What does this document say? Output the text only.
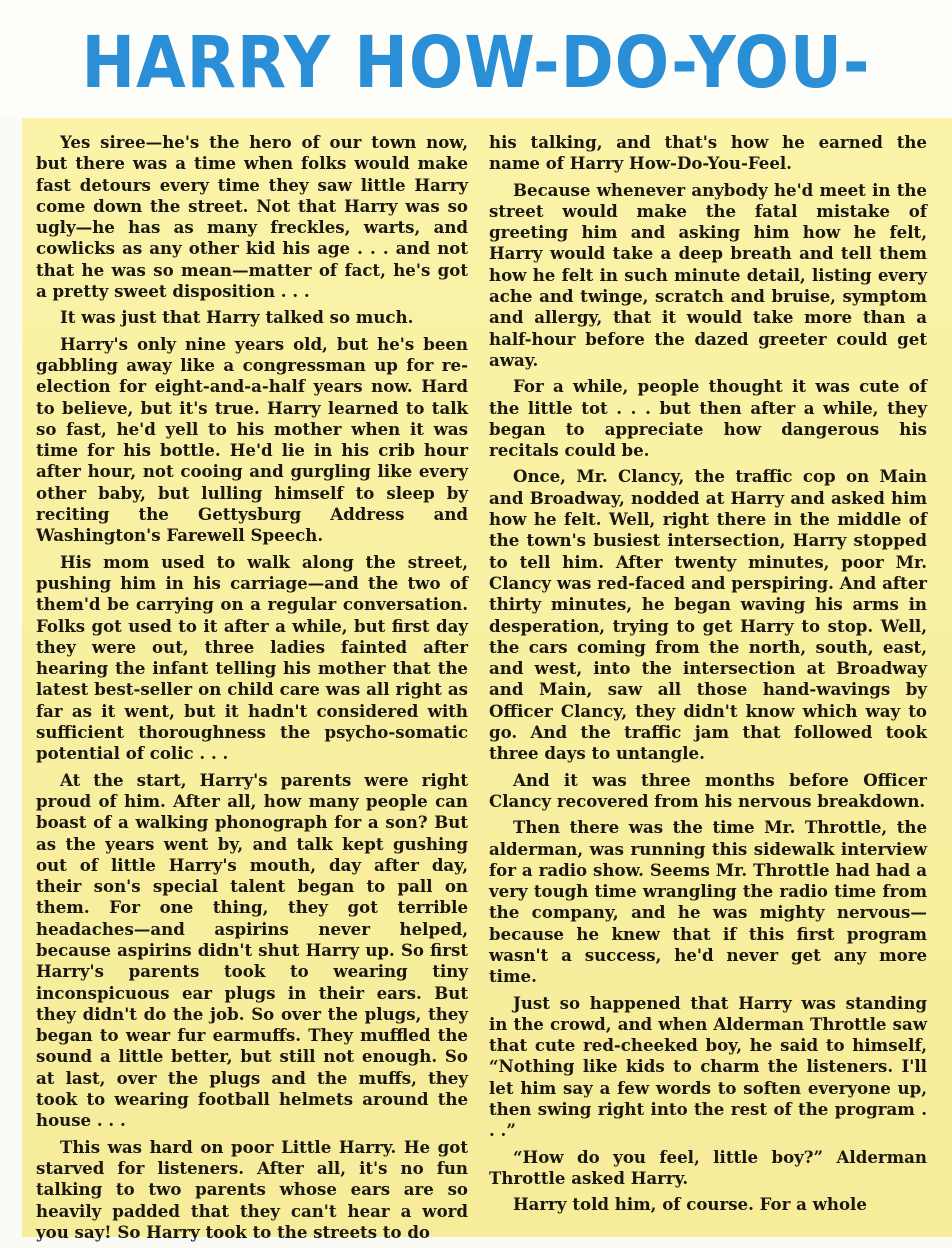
HARRY HOW-DO-YOU-

Yes siree—he's the hero of our town now, but there was a time when folks would make fast detours every time they saw little Harry come down the street. Not that Harry was so ugly—he has as many freckles, warts, and cowlicks as any other kid his age . . . and not that he was so mean—matter of fact, he's got a pretty sweet disposition . . .

It was just that Harry talked so much.

Harry's only nine years old, but he's been gabbling away like a congressman up for re-election for eight-and-a-half years now. Hard to believe, but it's true. Harry learned to talk so fast, he'd yell to his mother when it was time for his bottle. He'd lie in his crib hour after hour, not cooing and gurgling like every other baby, but lulling himself to sleep by reciting the Gettysburg Address and Washington's Farewell Speech.

His mom used to walk along the street, pushing him in his carriage—and the two of them'd be carrying on a regular conversation. Folks got used to it after a while, but first day they were out, three ladies fainted after hearing the infant telling his mother that the latest best-seller on child care was all right as far as it went, but it hadn't considered with sufficient thoroughness the psycho-somatic potential of colic . . .

At the start, Harry's parents were right proud of him. After all, how many people can boast of a walking phonograph for a son? But as the years went by, and talk kept gushing out of little Harry's mouth, day after day, their son's special talent began to pall on them. For one thing, they got terrible headaches—and aspirins never helped, because aspirins didn't shut Harry up. So first Harry's parents took to wearing tiny inconspicuous ear plugs in their ears. But they didn't do the job. So over the plugs, they began to wear fur earmuffs. They muffled the sound a little better, but still not enough. So at last, over the plugs and the muffs, they took to wearing football helmets around the house . . .

This was hard on poor Little Harry. He got starved for listeners. After all, it's no fun talking to two parents whose ears are so heavily padded that they can't hear a word you say! So Harry took to the streets to do

his talking, and that's how he earned the name of Harry How-Do-You-Feel.

Because whenever anybody he'd meet in the street would make the fatal mistake of greeting him and asking him how he felt, Harry would take a deep breath and tell them how he felt in such minute detail, listing every ache and twinge, scratch and bruise, symptom and allergy, that it would take more than a half-hour before the dazed greeter could get away.

For a while, people thought it was cute of the little tot . . . but then after a while, they began to appreciate how dangerous his recitals could be.

Once, Mr. Clancy, the traffic cop on Main and Broadway, nodded at Harry and asked him how he felt. Well, right there in the middle of the town's busiest intersection, Harry stopped to tell him. After twenty minutes, poor Mr. Clancy was red-faced and perspiring. And after thirty minutes, he began waving his arms in desperation, trying to get Harry to stop. Well, the cars coming from the north, south, east, and west, into the intersection at Broadway and Main, saw all those hand-wavings by Officer Clancy, they didn't know which way to go. And the traffic jam that followed took three days to untangle.

And it was three months before Officer Clancy recovered from his nervous breakdown.

Then there was the time Mr. Throttle, the alderman, was running this sidewalk interview for a radio show. Seems Mr. Throttle had had a very tough time wrangling the radio time from the company, and he was mighty nervous—because he knew that if this first program wasn't a success, he'd never get any more time.

Just so happened that Harry was standing in the crowd, and when Alderman Throttle saw that cute red-cheeked boy, he said to himself, “Nothing like kids to charm the listeners. I'll let him say a few words to soften everyone up, then swing right into the rest of the program . . .”

“How do you feel, little boy?” Alderman Throttle asked Harry.

Harry told him, of course. For a whole
